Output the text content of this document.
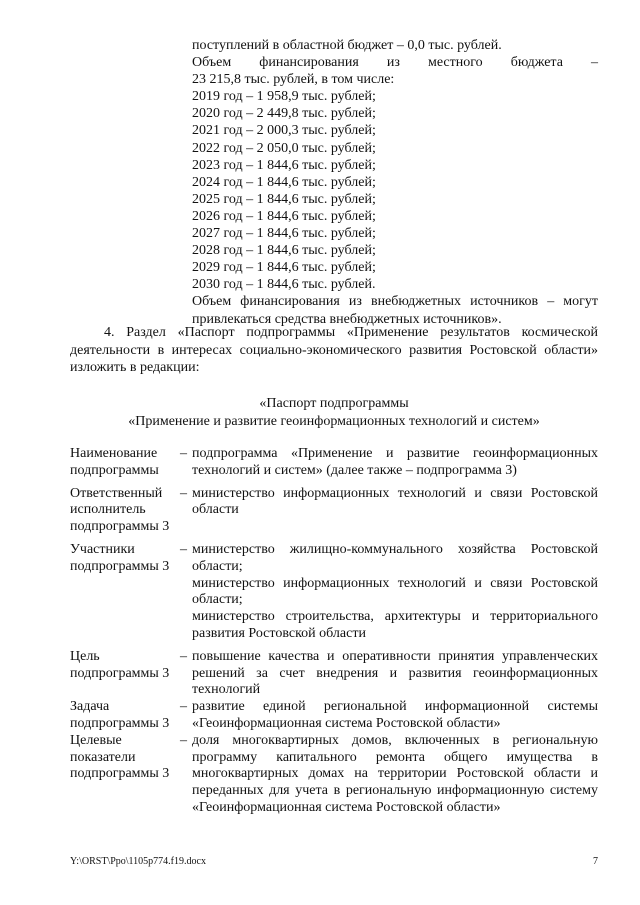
поступлений в областной бюджет – 0,0 тыс. рублей.
Объем финансирования из местного бюджета –
23 215,8 тыс. рублей, в том числе:
2019 год – 1 958,9 тыс. рублей;
2020 год – 2 449,8 тыс. рублей;
2021 год – 2 000,3 тыс. рублей;
2022 год – 2 050,0 тыс. рублей;
2023 год – 1 844,6 тыс. рублей;
2024 год – 1 844,6 тыс. рублей;
2025 год – 1 844,6 тыс. рублей;
2026 год – 1 844,6 тыс. рублей;
2027 год – 1 844,6 тыс. рублей;
2028 год – 1 844,6 тыс. рублей;
2029 год – 1 844,6 тыс. рублей;
2030 год – 1 844,6 тыс. рублей.
Объем финансирования из внебюджетных источников – могут привлекаться средства внебюджетных источников».
4. Раздел «Паспорт подпрограммы «Применение результатов космической деятельности в интересах социально-экономического развития Ростовской области» изложить в редакции:
«Паспорт подпрограммы
«Применение и развитие геоинформационных технологий и систем»
Наименование подпрограммы
– подпрограмма «Применение и развитие геоинформационных технологий и систем» (далее также – подпрограмма 3)

Ответственный исполнитель подпрограммы 3
– министерство информационных технологий и связи Ростовской области

Участники подпрограммы 3
– министерство жилищно-коммунального хозяйства Ростовской области;

министерство информационных технологий и связи Ростовской области;

министерство строительства, архитектуры и территориального развития Ростовской области

Цель подпрограммы 3
– повышение качества и оперативности принятия управленческих решений за счет внедрения и развития геоинформационных технологий

Задача подпрограммы 3
– развитие единой региональной информационной системы «Геоинформационная система Ростовской области»

Целевые показатели подпрограммы 3
– доля многоквартирных домов, включенных в региональную программу капитального ремонта общего имущества в многоквартирных домах на территории Ростовской области и переданных для учета в региональную информационную систему «Геоинформационная система Ростовской области»

Y:\ORST\Ppo\1105p774.f19.docx	7
